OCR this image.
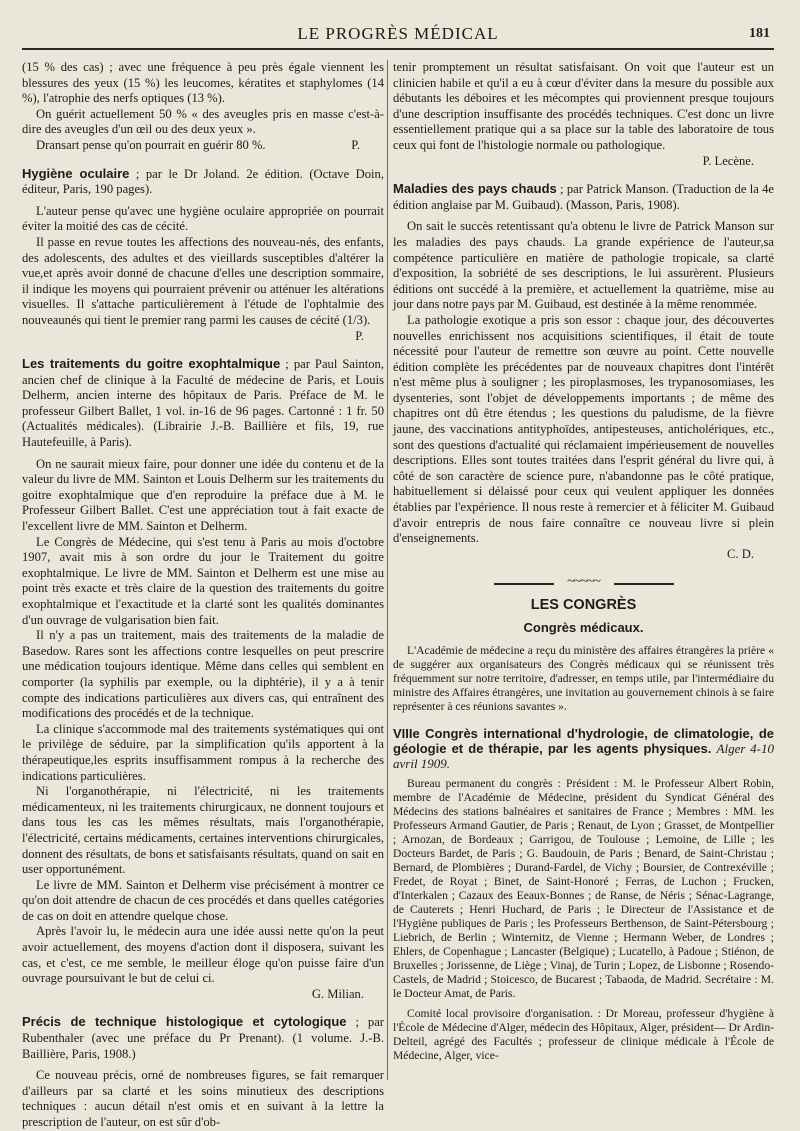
LE PROGRÈS MÉDICAL	181

(15 % des cas) ; avec une fréquence à peu près égale viennent les blessures des yeux (15 %) les leucomes, kératites et staphylomes (14 %), l'atrophie des nerfs optiques (13 %).

On guérit actuellement 50 % « des aveugles pris en masse c'est-à-dire des aveugles d'un œil ou des deux yeux ».

Dransart pense qu'on pourrait en guérir 80 %.	P.

Hygiène oculaire ; par le Dr Joland. 2e édition. (Octave Doin, éditeur, Paris, 190 pages).

L'auteur pense qu'avec une hygiène oculaire appropriée on pourrait éviter la moitié des cas de cécité.

Il passe en revue toutes les affections des nouveau-nés, des enfants, des adolescents, des adultes et des vieillards susceptibles d'altérer la vue,et après avoir donné de chacune d'elles une description sommaire, il indique les moyens qui pourraient prévenir ou atténuer les altérations visuelles. Il s'attache particulièrement à l'étude de l'ophtalmie des nouveaunés qui tient le premier rang parmi les causes de cécité (1/3).

P.

Les traitements du goitre exophtalmique ; par Paul Sainton, ancien chef de clinique à la Faculté de médecine de Paris, et Louis Delherm, ancien interne des hôpitaux de Paris. Préface de M. le professeur Gilbert Ballet, 1 vol. in-16 de 96 pages. Cartonné : 1 fr. 50 (Actualités médicales). (Librairie J.-B. Baillière et fils, 19, rue Hautefeuille, à Paris).

On ne saurait mieux faire, pour donner une idée du contenu et de la valeur du livre de MM. Sainton et Louis Delherm sur les traitements du goitre exophtalmique que d'en reproduire la préface due à M. le Professeur Gilbert Ballet. C'est une appréciation tout à fait exacte de l'excellent livre de MM. Sainton et Delherm.

Le Congrès de Médecine, qui s'est tenu à Paris au mois d'octobre 1907, avait mis à son ordre du jour le Traitement du goitre exophtalmique. Le livre de MM. Sainton et Delherm est une mise au point très exacte et très claire de la question des traitements du goitre exophtalmique et l'exactitude et la clarté sont les qualités dominantes d'un ouvrage de vulgarisation bien fait.

Il n'y a pas un traitement, mais des traitements de la maladie de Basedow. Rares sont les affections contre lesquelles on peut prescrire une médication toujours identique. Même dans celles qui semblent en comporter (la syphilis par exemple, ou la diphtérie), il y a à tenir compte des indications particulières aux divers cas, qui entraînent des modifications des procédés et de la technique.

La clinique s'accommode mal des traitements systématiques qui ont le privilège de séduire, par la simplification qu'ils apportent à la thérapeutique,les esprits insuffisamment rompus à la recherche des indications particulières.

Ni l'organothérapie, ni l'électricité, ni les traitements médicamenteux, ni les traitements chirurgicaux, ne donnent toujours et dans tous les cas les mêmes résultats, mais l'organothérapie, l'électricité, certains médicaments, certaines interventions chirurgicales, donnent des résultats, de bons et satisfaisants résultats, quand on sait en user opportunément.

Le livre de MM. Sainton et Delherm vise précisément à montrer ce qu'on doit attendre de chacun de ces procédés et dans quelles catégories de cas on doit en attendre quelque chose.

Après l'avoir lu, le médecin aura une idée aussi nette qu'on la peut avoir actuellement, des moyens d'action dont il disposera, suivant les cas, et c'est, ce me semble, le meilleur éloge qu'on puisse faire d'un ouvrage poursuivant le but de celui ci.

G. Milian.

Précis de technique histologique et cytologique ; par Rubenthaler (avec une préface du Pr Prenant). (1 volume. J.-B. Baillière, Paris, 1908.)

Ce nouveau précis, orné de nombreuses figures, se fait remarquer d'ailleurs par sa clarté et les soins minutieux des descriptions techniques : aucun détail n'est omis et en suivant à la lettre la prescription de l'auteur, on est sûr d'ob-

tenir promptement un résultat satisfaisant. On voit que l'auteur est un clinicien habile et qu'il a eu à cœur d'éviter dans la mesure du possible aux débutants les déboires et les mécomptes qui proviennent presque toujours d'une description insuffisante des procédés techniques. C'est donc un livre essentiellement pratique qui a sa place sur la table des laboratoire de tous ceux qui font de l'histologie normale ou pathologique.

P. Lecène.

Maladies des pays chauds ; par Patrick Manson. (Traduction de la 4e édition anglaise par M. Guibaud). (Masson, Paris, 1908).

On sait le succès retentissant qu'a obtenu le livre de Patrick Manson sur les maladies des pays chauds. La grande expérience de l'auteur,sa compétence particulière en matière de pathologie tropicale, sa clarté d'exposition, la sobriété de ses descriptions, le lui assurèrent. Plusieurs éditions ont succédé à la première, et actuellement la quatrième, mise au jour dans notre pays par M. Guibaud, est destinée à la même renommée.

La pathologie exotique a pris son essor : chaque jour, des découvertes nouvelles enrichissent nos acquisitions scientifiques, il était de toute nécessité pour l'auteur de remettre son œuvre au point. Cette nouvelle édition complète les précédentes par de nouveaux chapitres dont l'intérêt n'est même plus à souligner ; les piroplasmoses, les trypanosomiases, les dysenteries, sont l'objet de développements importants ; de même des chapitres ont dû être étendus ; les questions du paludisme, de la fièvre jaune, des vaccinations antityphoïdes, antipesteuses, anticholériques, etc., sont des questions d'actualité qui réclamaient impérieusement de nouvelles descriptions. Elles sont toutes traitées dans l'esprit général du livre qui, à côté de son caractère de science pure, n'abandonne pas le côté pratique, habituellement si délaissé pour ceux qui veulent appliquer les données établies par l'expérience. Il nous reste à remercier et à féliciter M. Guibaud d'avoir entrepris de nous faire connaître ce nouveau livre si plein d'enseignements.

C. D.
~~~~~
LES CONGRÈS
Congrès médicaux.

L'Académie de médecine a reçu du ministère des affaires étrangères la prière « de suggérer aux organisateurs des Congrès médicaux qui se réunissent très fréquemment sur notre territoire, d'adresser, en temps utile, par l'intermédiaire du ministre des Affaires étrangères, une invitation au gouvernement chinois à se faire représenter à ces réunions savantes ».

VIIIe Congrès international d'hydrologie, de climatologie, de géologie et de thérapie, par les agents physiques. Alger 4-10 avril 1909.

Bureau permanent du congrès : Président : M. le Professeur Albert Robin, membre de l'Académie de Médecine, président du Syndicat Général des Médecins des stations balnéaires et sanitaires de France ; Membres : MM. les Professeurs Armand Gautier, de Paris ; Renaut, de Lyon ; Grasset, de Montpellier ; Arnozan, de Bordeaux ; Garrigou, de Toulouse ; Lemoine, de Lille ; les Docteurs Bardet, de Paris ; G. Baudouin, de Paris ; Benard, de Saint-Christau ; Bernard, de Plombières ; Durand-Fardel, de Vichy ; Boursier, de Contrexéville ; Fredet, de Royat ; Binet, de Saint-Honoré ; Ferras, de Luchon ; Frucken, d'Interkalen ; Cazaux des Eeaux-Bonnes ; de Ranse, de Néris ; Sénac-Lagrange, de Cauterets ; Henri Huchard, de Paris ; le Directeur de l'Assistance et de l'Hygiène publiques de Paris ; les Professeurs Berthenson, de Saint-Pétersbourg ; Liebrich, de Berlin ; Winternitz, de Vienne ; Hermann Weber, de Londres ; Ehlers, de Copenhague ; Lancaster (Belgique) ; Lucatello, à Padoue ; Stiénon, de Bruxelles ; Jorissenne, de Liège ; Vinaj, de Turin ; Lopez, de Lisbonne ; Rosendo-Castels, de Madrid ; Stoicesco, de Bucarest ; Tabaoda, de Madrid. Secrétaire : M. le Docteur Amat, de Paris.

Comité local provisoire d'organisation. : Dr Moreau, professeur d'hygiène à l'École de Médecine d'Alger, médecin des Hôpitaux, Alger, président— Dr Ardin-Delteil, agrégé des Facultés ; professeur de clinique médicale à l'École de Médecine, Alger, vice-
